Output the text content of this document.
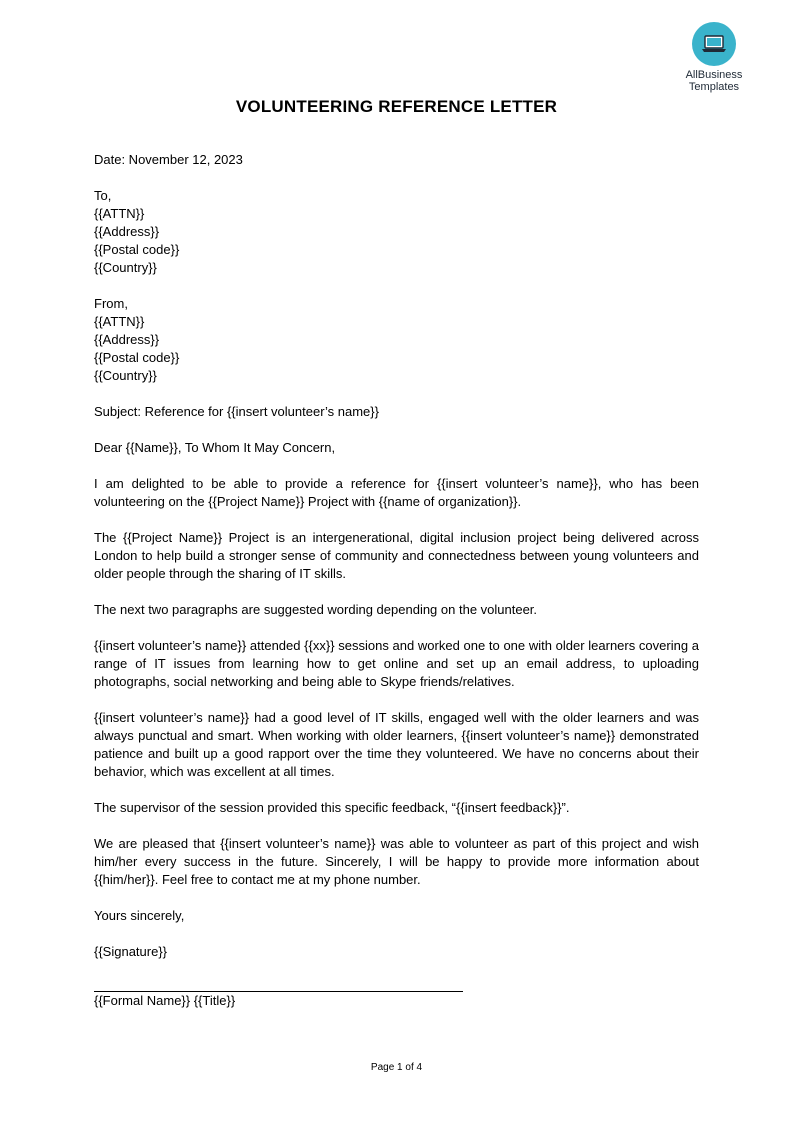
AllBusiness
Templates
VOLUNTEERING REFERENCE LETTER

Date: November 12, 2023

To,

{{ATTN}}

{{Address}}

{{Postal code}}

{{Country}}

From,

{{ATTN}}

{{Address}}

{{Postal code}}

{{Country}}

Subject: Reference for {{insert volunteer’s name}}

Dear {{Name}}, To Whom It May Concern,

I am delighted to be able to provide a reference for {{insert volunteer’s name}}, who has been volunteering on the {{Project Name}} Project with {{name of organization}}.

The {{Project Name}} Project is an intergenerational, digital inclusion project being delivered across London to help build a stronger sense of community and connectedness between young volunteers and older people through the sharing of IT skills.

The next two paragraphs are suggested wording depending on the volunteer.

{{insert volunteer’s name}} attended {{xx}} sessions and worked one to one with older learners covering a range of IT issues from learning how to get online and set up an email address, to uploading photographs, social networking and being able to Skype friends/relatives.

{{insert volunteer’s name}} had a good level of IT skills, engaged well with the older learners and was always punctual and smart. When working with older learners, {{insert volunteer’s name}} demonstrated patience and built up a good rapport over the time they volunteered. We have no concerns about their behavior, which was excellent at all times.

The supervisor of the session provided this specific feedback, “{{insert feedback}}”.

We are pleased that {{insert volunteer’s name}} was able to volunteer as part of this project and wish him/her every success in the future. Sincerely, I will be happy to provide more information about {{him/her}}. Feel free to contact me at my phone number.

Yours sincerely,

{{Signature}}

{{Formal Name}} {{Title}}

Page 1 of 4
